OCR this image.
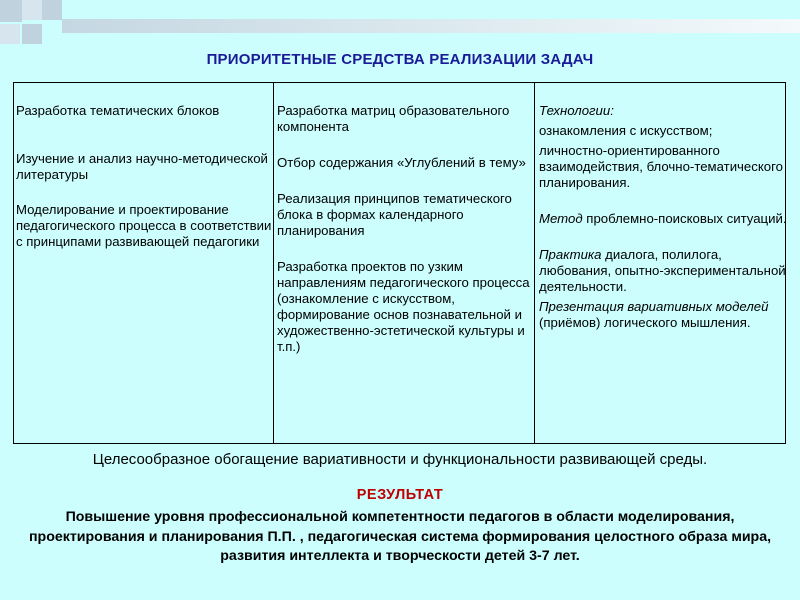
ПРИОРИТЕТНЫЕ СРЕДСТВА РЕАЛИЗАЦИИ ЗАДАЧ
Разработка тематических блоков
Изучение и анализ научно-методической литературы
Моделирование и проектирование педагогического процесса в соответствии с принципами развивающей педагогики
Разработка матриц образовательного компонента
Отбор содержания «Углублений в тему»
Реализация принципов тематического блока в формах календарного планирования
Разработка проектов по узким направлениям педагогического процесса (ознакомление с искусством, формирование основ познавательной и художественно-эстетической культуры и т.п.)
Технологии:
ознакомления с искусством;
личностно-ориентированного взаимодействия, блочно-тематического планирования.
Метод проблемно-поисковых ситуаций.
Практика диалога, полилога, любования, опытно-экспериментальной деятельности.
Презентация вариативных моделей (приёмов) логического мышления.
Целесообразное обогащение вариативности и функциональности развивающей среды.
РЕЗУЛЬТАТ
Повышение уровня профессиональной компетентности педагогов в области моделирования, проектирования и планирования П.П. , педагогическая система формирования целостного образа мира, развития интеллекта и творческости детей 3-7 лет.
